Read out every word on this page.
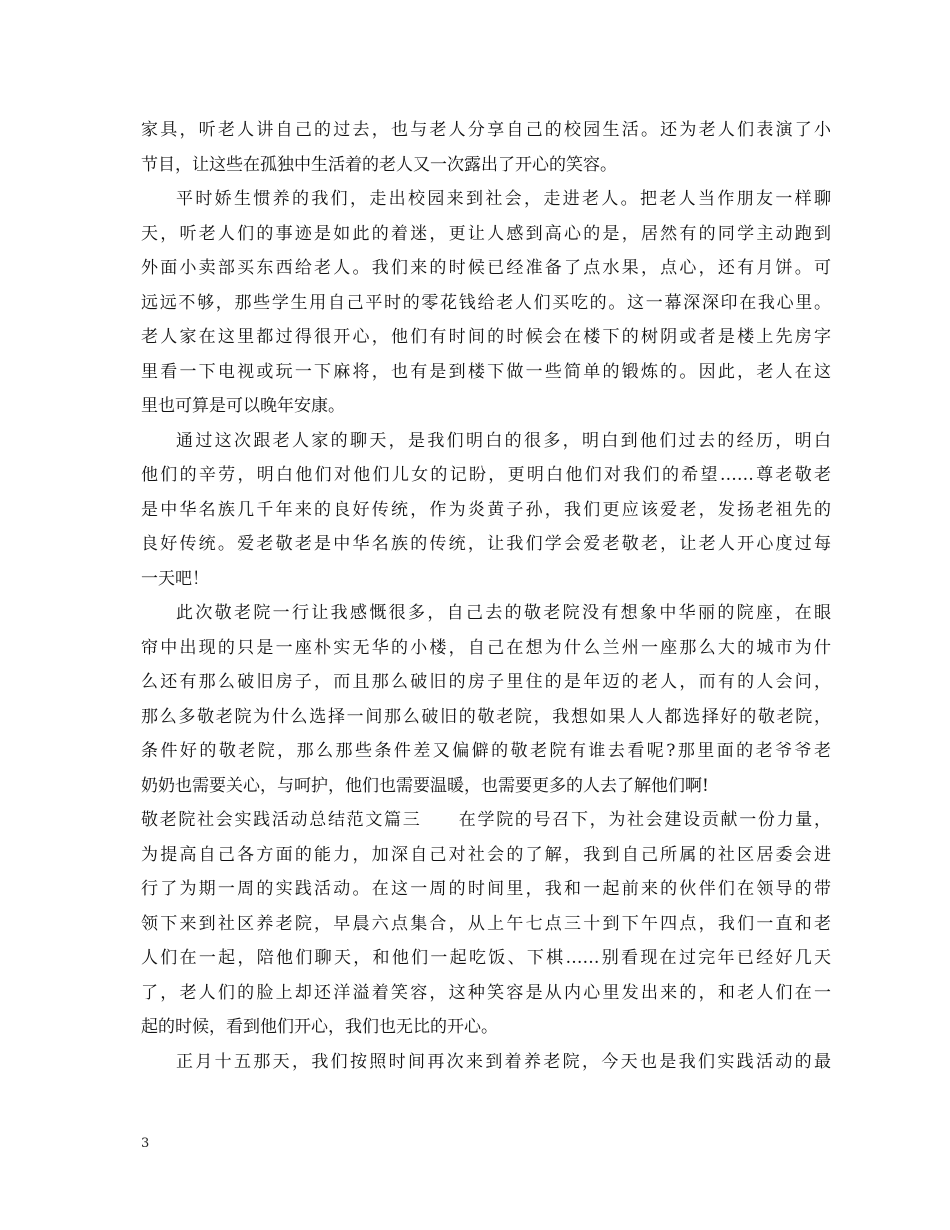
家具，听老人讲自己的过去，也与老人分享自己的校园生活。还为老人们表演了小
节目，让这些在孤独中生活着的老人又一次露出了开心的笑容。
平时娇生惯养的我们，走出校园来到社会，走进老人。把老人当作朋友一样聊
天，听老人们的事迹是如此的着迷，更让人感到高心的是，居然有的同学主动跑到
外面小卖部买东西给老人。我们来的时候已经准备了点水果，点心，还有月饼。可
远远不够，那些学生用自己平时的零花钱给老人们买吃的。这一幕深深印在我心里。
老人家在这里都过得很开心，他们有时间的时候会在楼下的树阴或者是楼上先房字
里看一下电视或玩一下麻将，也有是到楼下做一些简单的锻炼的。因此，老人在这
里也可算是可以晚年安康。
通过这次跟老人家的聊天，是我们明白的很多，明白到他们过去的经历，明白
他们的辛劳，明白他们对他们儿女的记盼，更明白他们对我们的希望……尊老敬老
是中华名族几千年来的良好传统，作为炎黄子孙，我们更应该爱老，发扬老祖先的
良好传统。爱老敬老是中华名族的传统，让我们学会爱老敬老，让老人开心度过每
一天吧！
此次敬老院一行让我感慨很多，自己去的敬老院没有想象中华丽的院座，在眼
帘中出现的只是一座朴实无华的小楼，自己在想为什么兰州一座那么大的城市为什
么还有那么破旧房子，而且那么破旧的房子里住的是年迈的老人，而有的人会问，
那么多敬老院为什么选择一间那么破旧的敬老院，我想如果人人都选择好的敬老院，
条件好的敬老院，那么那些条件差又偏僻的敬老院有谁去看呢?那里面的老爷爷老
奶奶也需要关心，与呵护，他们也需要温暖，也需要更多的人去了解他们啊!
敬老院社会实践活动总结范文篇三　　在学院的号召下，为社会建设贡献一份力量，
为提高自己各方面的能力，加深自己对社会的了解，我到自己所属的社区居委会进
行了为期一周的实践活动。在这一周的时间里，我和一起前来的伙伴们在领导的带
领下来到社区养老院，早晨六点集合，从上午七点三十到下午四点，我们一直和老
人们在一起，陪他们聊天，和他们一起吃饭、下棋……别看现在过完年已经好几天
了，老人们的脸上却还洋溢着笑容，这种笑容是从内心里发出来的，和老人们在一
起的时候，看到他们开心，我们也无比的开心。
正月十五那天，我们按照时间再次来到着养老院，今天也是我们实践活动的最
3
